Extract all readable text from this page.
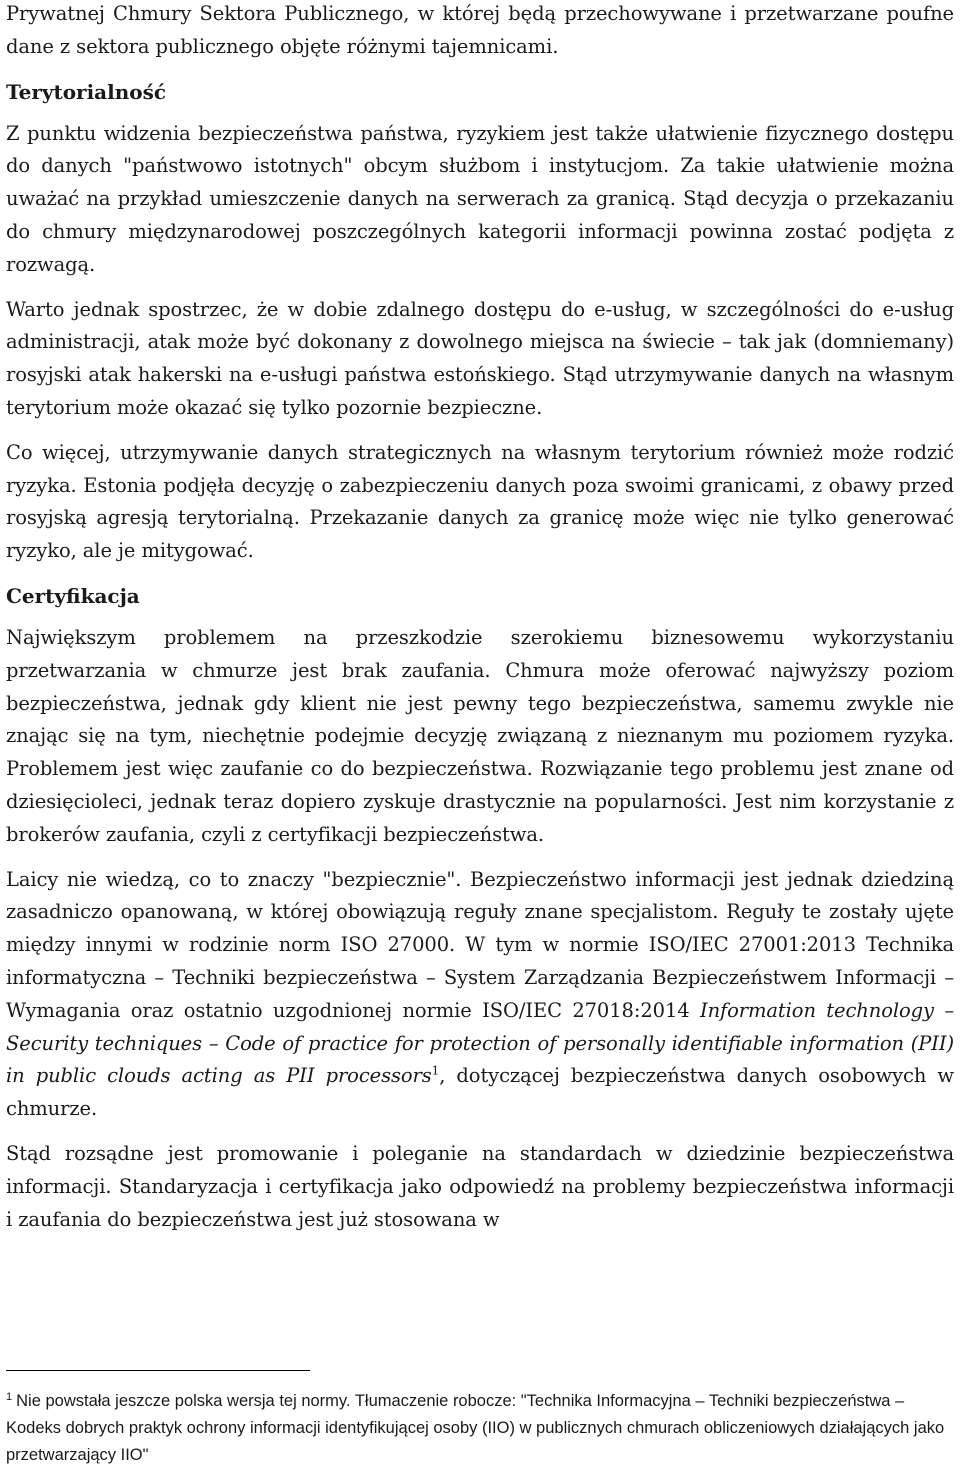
Prywatnej Chmury Sektora Publicznego, w której będą przechowywane i przetwarzane poufne dane z sektora publicznego objęte różnymi tajemnicami.

Terytorialność

Z punktu widzenia bezpieczeństwa państwa, ryzykiem jest także ułatwienie fizycznego dostępu do danych "państwowo istotnych" obcym służbom i instytucjom. Za takie ułatwienie można uważać na przykład umieszczenie danych na serwerach za granicą. Stąd decyzja o przekazaniu do chmury międzynarodowej poszczególnych kategorii informacji powinna zostać podjęta z rozwagą.

Warto jednak spostrzec, że w dobie zdalnego dostępu do e-usług, w szczególności do e-usług administracji, atak może być dokonany z dowolnego miejsca na świecie – tak jak (domniemany) rosyjski atak hakerski na e-usługi państwa estońskiego. Stąd utrzymywanie danych na własnym terytorium może okazać się tylko pozornie bezpieczne.

Co więcej, utrzymywanie danych strategicznych na własnym terytorium również może rodzić ryzyka. Estonia podjęła decyzję o zabezpieczeniu danych poza swoimi granicami, z obawy przed rosyjską agresją terytorialną. Przekazanie danych za granicę może więc nie tylko generować ryzyko, ale je mitygować.

Certyfikacja

Największym problemem na przeszkodzie szerokiemu biznesowemu wykorzystaniu przetwarzania w chmurze jest brak zaufania. Chmura może oferować najwyższy poziom bezpieczeństwa, jednak gdy klient nie jest pewny tego bezpieczeństwa, samemu zwykle nie znając się na tym, niechętnie podejmie decyzję związaną z nieznanym mu poziomem ryzyka. Problemem jest więc zaufanie co do bezpieczeństwa. Rozwiązanie tego problemu jest znane od dziesięcioleci, jednak teraz dopiero zyskuje drastycznie na popularności. Jest nim korzystanie z brokerów zaufania, czyli z certyfikacji bezpieczeństwa.

Laicy nie wiedzą, co to znaczy "bezpiecznie". Bezpieczeństwo informacji jest jednak dziedziną zasadniczo opanowaną, w której obowiązują reguły znane specjalistom. Reguły te zostały ujęte między innymi w rodzinie norm ISO 27000. W tym w normie ISO/IEC 27001:2013 Technika informatyczna – Techniki bezpieczeństwa – System Zarządzania Bezpieczeństwem Informacji – Wymagania oraz ostatnio uzgodnionej normie ISO/IEC 27018:2014 Information technology – Security techniques – Code of practice for protection of personally identifiable information (PII) in public clouds acting as PII processors$^1$, dotyczącej bezpieczeństwa danych osobowych w chmurze.

Stąd rozsądne jest promowanie i poleganie na standardach w dziedzinie bezpieczeństwa informacji. Standaryzacja i certyfikacja jako odpowiedź na problemy bezpieczeństwa informacji i zaufania do bezpieczeństwa jest już stosowana w

$^1$ Nie powstała jeszcze polska wersja tej normy. Tłumaczenie robocze: "Technika Informacyjna – Techniki bezpieczeństwa – Kodeks dobrych praktyk ochrony informacji identyfikującej osoby (IIO) w publicznych chmurach obliczeniowych działających jako przetwarzający IIO"
